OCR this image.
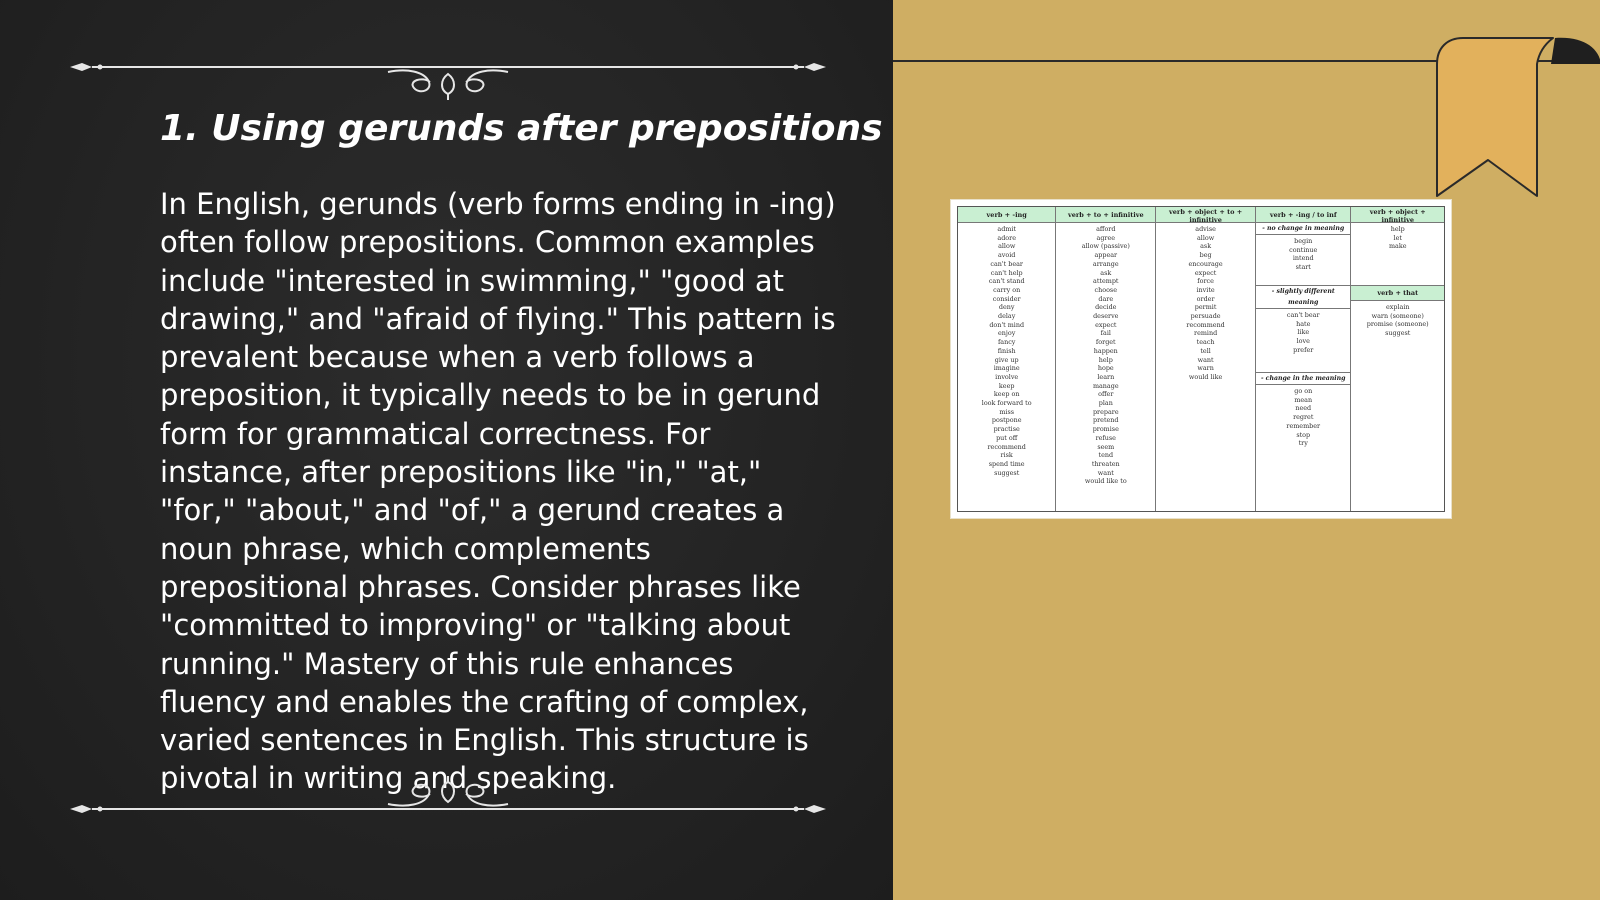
1. Using gerunds after prepositions

In English, gerunds (verb forms ending in -ing) often follow prepositions. Common examples include "interested in swimming," "good at drawing," and "afraid of flying." This pattern is prevalent because when a verb follows a preposition, it typically needs to be in gerund form for grammatical correctness. For instance, after prepositions like "in," "at," "for," "about," and "of," a gerund creates a noun phrase, which complements prepositional phrases. Consider phrases like "committed to improving" or "talking about running." Mastery of this rule enhances fluency and enables the crafting of complex, varied sentences in English. This structure is pivotal in writing and speaking.

verb + -ing
admit
adore
allow
avoid
can't bear
can't help
can't stand
carry on
consider
deny
delay
don't mind
enjoy
fancy
finish
give up
imagine
involve
keep
keep on
look forward to
miss
postpone
practise
put off
recommend
risk
spend time
suggest
verb + to + infinitive
afford
agree
allow (passive)
appear
arrange
ask
attempt
choose
dare
decide
deserve
expect
fail
forget
happen
help
hope
learn
manage
offer
plan
prepare
pretend
promise
refuse
seem
tend
threaten
want
would like to
verb + object + to + infinitive
advise
allow
ask
beg
encourage
expect
force
invite
order
permit
persuade
recommend
remind
teach
tell
want
warn
would like
verb + -ing / to inf
- no change in meaning
begin
continue
intend
start
- slightly different meaning
can't bear
hate
like
love
prefer
- change in the meaning
go on
mean
need
regret
remember
stop
try
verb + object + infinitive
help
let
make
verb + that
explain
warn (someone)
promise (someone)
suggest
